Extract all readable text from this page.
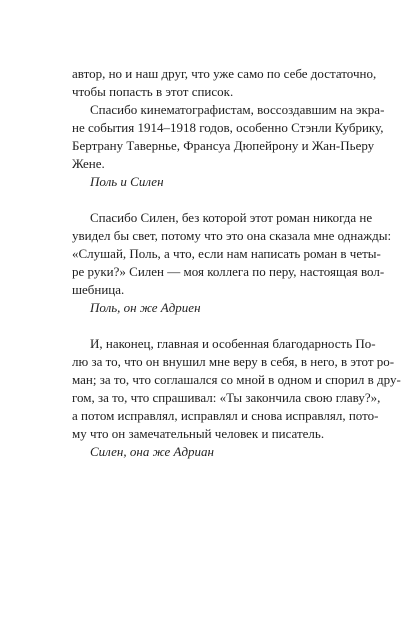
автор, но и наш друг, что уже само по себе достаточно,

чтобы попасть в этот список.

Спасибо кинематографистам, воссоздавшим на экра-

не события 1914–1918 годов, особенно Стэнли Кубрику,

Бертрану Тавернье, Франсуа Дюпейрону и Жан-Пьеру

Жене.

Поль и Силен

Спасибо Силен, без которой этот роман никогда не

увидел бы свет, потому что это она сказала мне однажды:

«Слушай, Поль, а что, если нам написать роман в четы-

ре руки?» Силен — моя коллега по перу, настоящая вол-

шебница.

Поль, он же Адриен

И, наконец, главная и особенная благодарность По-

лю за то, что он внушил мне веру в себя, в него, в этот ро-

ман; за то, что соглашался со мной в одном и спорил в дру-

гом, за то, что спрашивал: «Ты закончила свою главу?»,

а потом исправлял, исправлял и снова исправлял, пото-

му что он замечательный человек и писатель.

Силен, она же Адриан
